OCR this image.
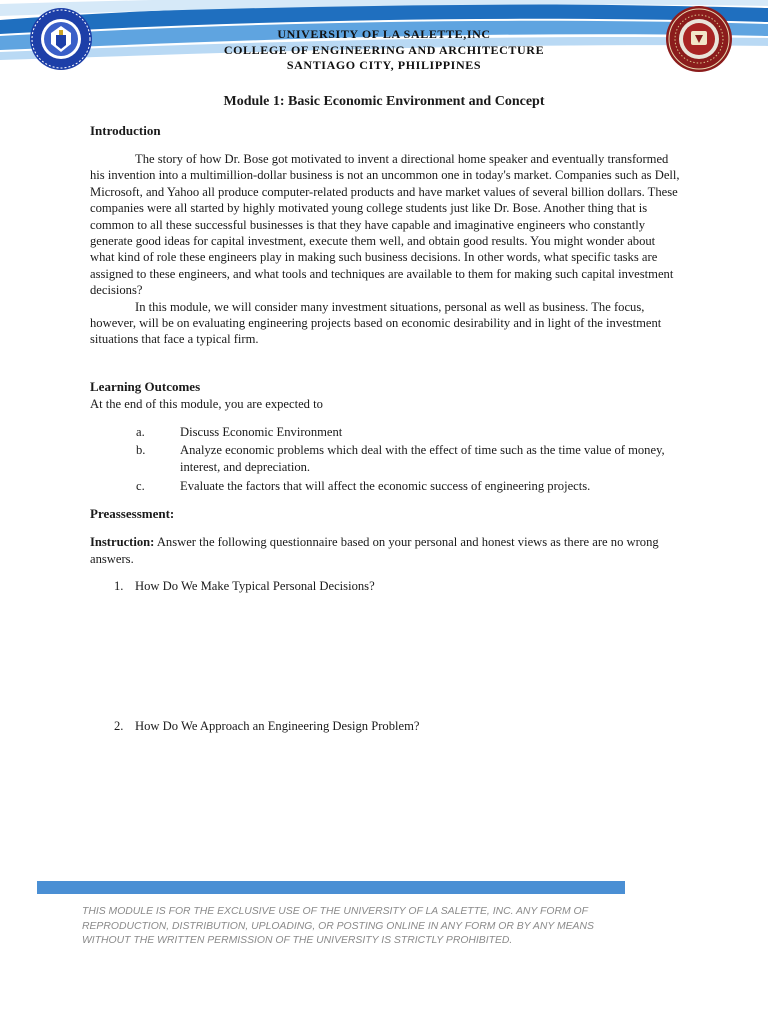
UNIVERSITY OF LA SALETTE,INC
COLLEGE OF ENGINEERING AND ARCHITECTURE
SANTIAGO CITY, PHILIPPINES
Module 1: Basic Economic Environment and Concept
Introduction

The story of how Dr. Bose got motivated to invent a directional home speaker and eventually transformed his invention into a multimillion-dollar business is not an uncommon one in today's market. Companies such as Dell, Microsoft, and Yahoo all produce computer-related products and have market values of several billion dollars. These companies were all started by highly motivated young college students just like Dr. Bose. Another thing that is common to all these successful businesses is that they have capable and imaginative engineers who constantly generate good ideas for capital investment, execute them well, and obtain good results. You might wonder about what kind of role these engineers play in making such business decisions. In other words, what specific tasks are assigned to these engineers, and what tools and techniques are available to them for making such capital investment decisions?

In this module, we will consider many investment situations, personal as well as business. The focus, however, will be on evaluating engineering projects based on economic desirability and in light of the investment situations that face a typical firm.

Learning Outcomes
At the end of this module, you are expected to
a.	Discuss Economic Environment
b.	Analyze economic problems which deal with the effect of time such as the time value of money, interest, and depreciation.
c.	Evaluate the factors that will affect the economic success of engineering projects.
Preassessment:
Instruction: Answer the following questionnaire based on your personal and honest views as there are no wrong answers.
1. How Do We Make Typical Personal Decisions?
2. How Do We Approach an Engineering Design Problem?
THIS MODULE IS FOR THE EXCLUSIVE USE OF THE UNIVERSITY OF LA SALETTE, INC. ANY FORM OF REPRODUCTION, DISTRIBUTION, UPLOADING, OR POSTING ONLINE IN ANY FORM OR BY ANY MEANS WITHOUT THE WRITTEN PERMISSION OF THE UNIVERSITY IS STRICTLY PROHIBITED.
